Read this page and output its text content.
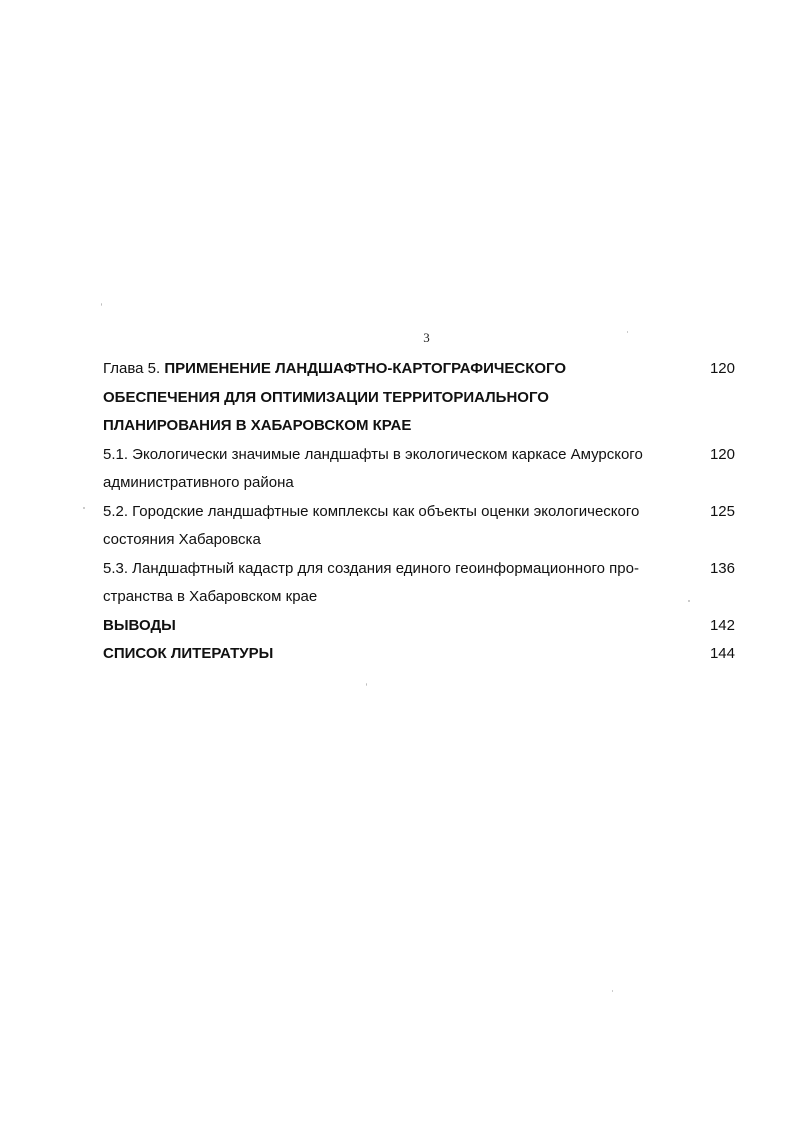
3
Глава 5. ПРИМЕНЕНИЕ ЛАНДШАФТНО-КАРТОГРАФИЧЕСКОГО
ОБЕСПЕЧЕНИЯ ДЛЯ ОПТИМИЗАЦИИ ТЕРРИТОРИАЛЬНОГО
ПЛАНИРОВАНИЯ В ХАБАРОВСКОМ КРАЕ
120
5.1. Экологически значимые ландшафты в экологическом каркасе Амурского
административного района
120
5.2. Городские ландшафтные комплексы как объекты оценки экологического
состояния Хабаровска
125
5.3. Ландшафтный кадастр для создания единого геоинформационного про-
странства в Хабаровском крае
136
ВЫВОДЫ	142
СПИСОК ЛИТЕРАТУРЫ	144
